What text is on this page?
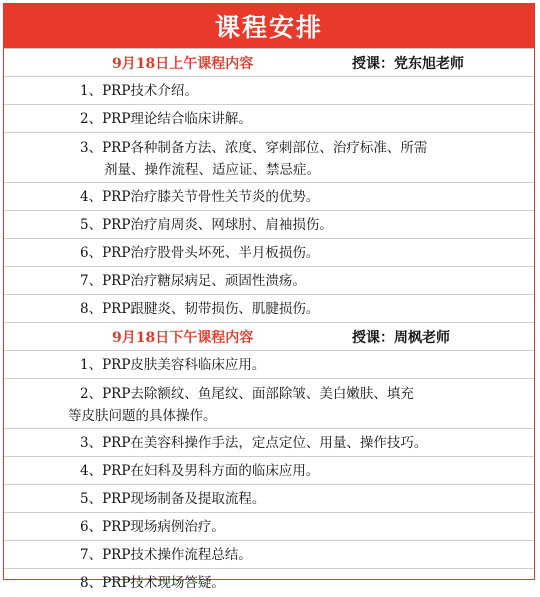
课程安排
9月18日上午课程内容	授课：党东旭老师
1、PRP技术介绍。
2、PRP理论结合临床讲解。
3、PRP各种制备方法、浓度、穿刺部位、治疗标准、所需
剂量、操作流程、适应证、禁忌症。
4、PRP治疗膝关节骨性关节炎的优势。
5、PRP治疗肩周炎、网球肘、肩袖损伤。
6、PRP治疗股骨头坏死、半月板损伤。
7、PRP治疗糖尿病足、顽固性溃疡。
8、PRP跟腱炎、韧带损伤、肌腱损伤。
9月18日下午课程内容	授课：周枫老师
1、PRP皮肤美容科临床应用。
2、PRP去除额纹、鱼尾纹、面部除皱、美白嫩肤、填充
等皮肤问题的具体操作。
3、PRP在美容科操作手法，定点定位、用量、操作技巧。
4、PRP在妇科及男科方面的临床应用。
5、PRP现场制备及提取流程。
6、PRP现场病例治疗。
7、PRP技术操作流程总结。
8、PRP技术现场答疑。
